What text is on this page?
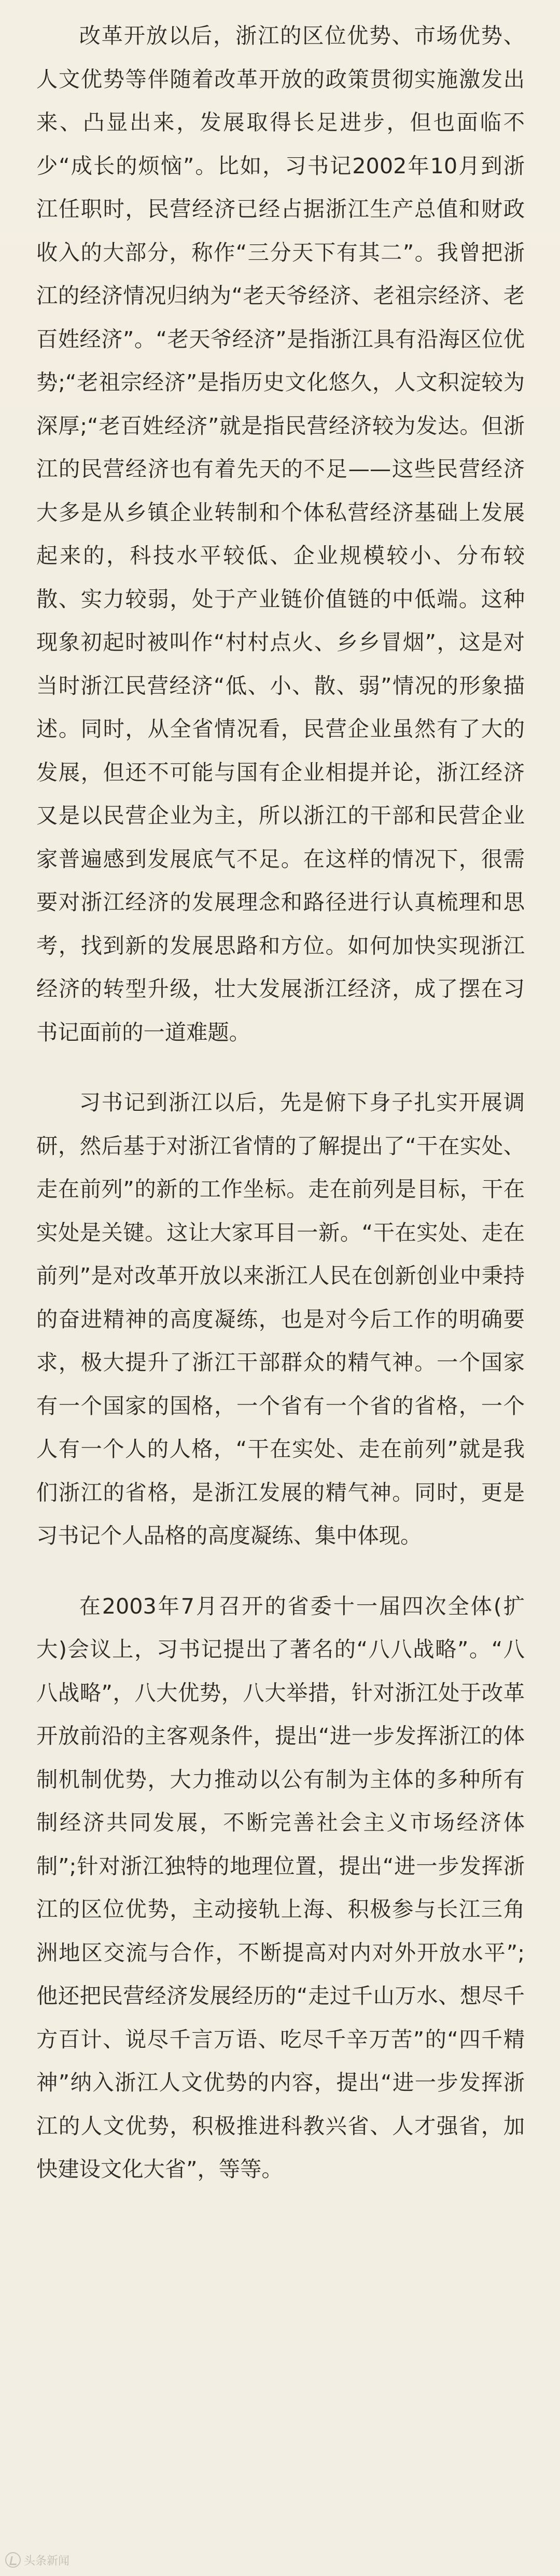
改革开放以后，浙江的区位优势、市场优势、人文优势等伴随着改革开放的政策贯彻实施激发出来、凸显出来，发展取得长足进步，但也面临不少“成长的烦恼”。比如，习书记2002年10月到浙江任职时，民营经济已经占据浙江生产总值和财政收入的大部分，称作“三分天下有其二”。我曾把浙江的经济情况归纳为“老天爷经济、老祖宗经济、老百姓经济”。“老天爷经济”是指浙江具有沿海区位优势;“老祖宗经济”是指历史文化悠久，人文积淀较为深厚;“老百姓经济”就是指民营经济较为发达。但浙江的民营经济也有着先天的不足——这些民营经济大多是从乡镇企业转制和个体私营经济基础上发展起来的，科技水平较低、企业规模较小、分布较散、实力较弱，处于产业链价值链的中低端。这种现象初起时被叫作“村村点火、乡乡冒烟”，这是对当时浙江民营经济“低、小、散、弱”情况的形象描述。同时，从全省情况看，民营企业虽然有了大的发展，但还不可能与国有企业相提并论，浙江经济又是以民营企业为主，所以浙江的干部和民营企业家普遍感到发展底气不足。在这样的情况下，很需要对浙江经济的发展理念和路径进行认真梳理和思考，找到新的发展思路和方位。如何加快实现浙江经济的转型升级，壮大发展浙江经济，成了摆在习书记面前的一道难题。

习书记到浙江以后，先是俯下身子扎实开展调研，然后基于对浙江省情的了解提出了“干在实处、走在前列”的新的工作坐标。走在前列是目标，干在实处是关键。这让大家耳目一新。“干在实处、走在前列”是对改革开放以来浙江人民在创新创业中秉持的奋进精神的高度凝练，也是对今后工作的明确要求，极大提升了浙江干部群众的精气神。一个国家有一个国家的国格，一个省有一个省的省格，一个人有一个人的人格，“干在实处、走在前列”就是我们浙江的省格，是浙江发展的精气神。同时，更是习书记个人品格的高度凝练、集中体现。

在2003年7月召开的省委十一届四次全体(扩大)会议上，习书记提出了著名的“八八战略”。“八八战略”，八大优势，八大举措，针对浙江处于改革开放前沿的主客观条件，提出“进一步发挥浙江的体制机制优势，大力推动以公有制为主体的多种所有制经济共同发展，不断完善社会主义市场经济体制”;针对浙江独特的地理位置，提出“进一步发挥浙江的区位优势，主动接轨上海、积极参与长江三角洲地区交流与合作，不断提高对内对外开放水平”;他还把民营经济发展经历的“走过千山万水、想尽千方百计、说尽千言万语、吃尽千辛万苦”的“四千精神”纳入浙江人文优势的内容，提出“进一步发挥浙江的人文优势，积极推进科教兴省、人才强省，加快建设文化大省”，等等。

头条新闻
